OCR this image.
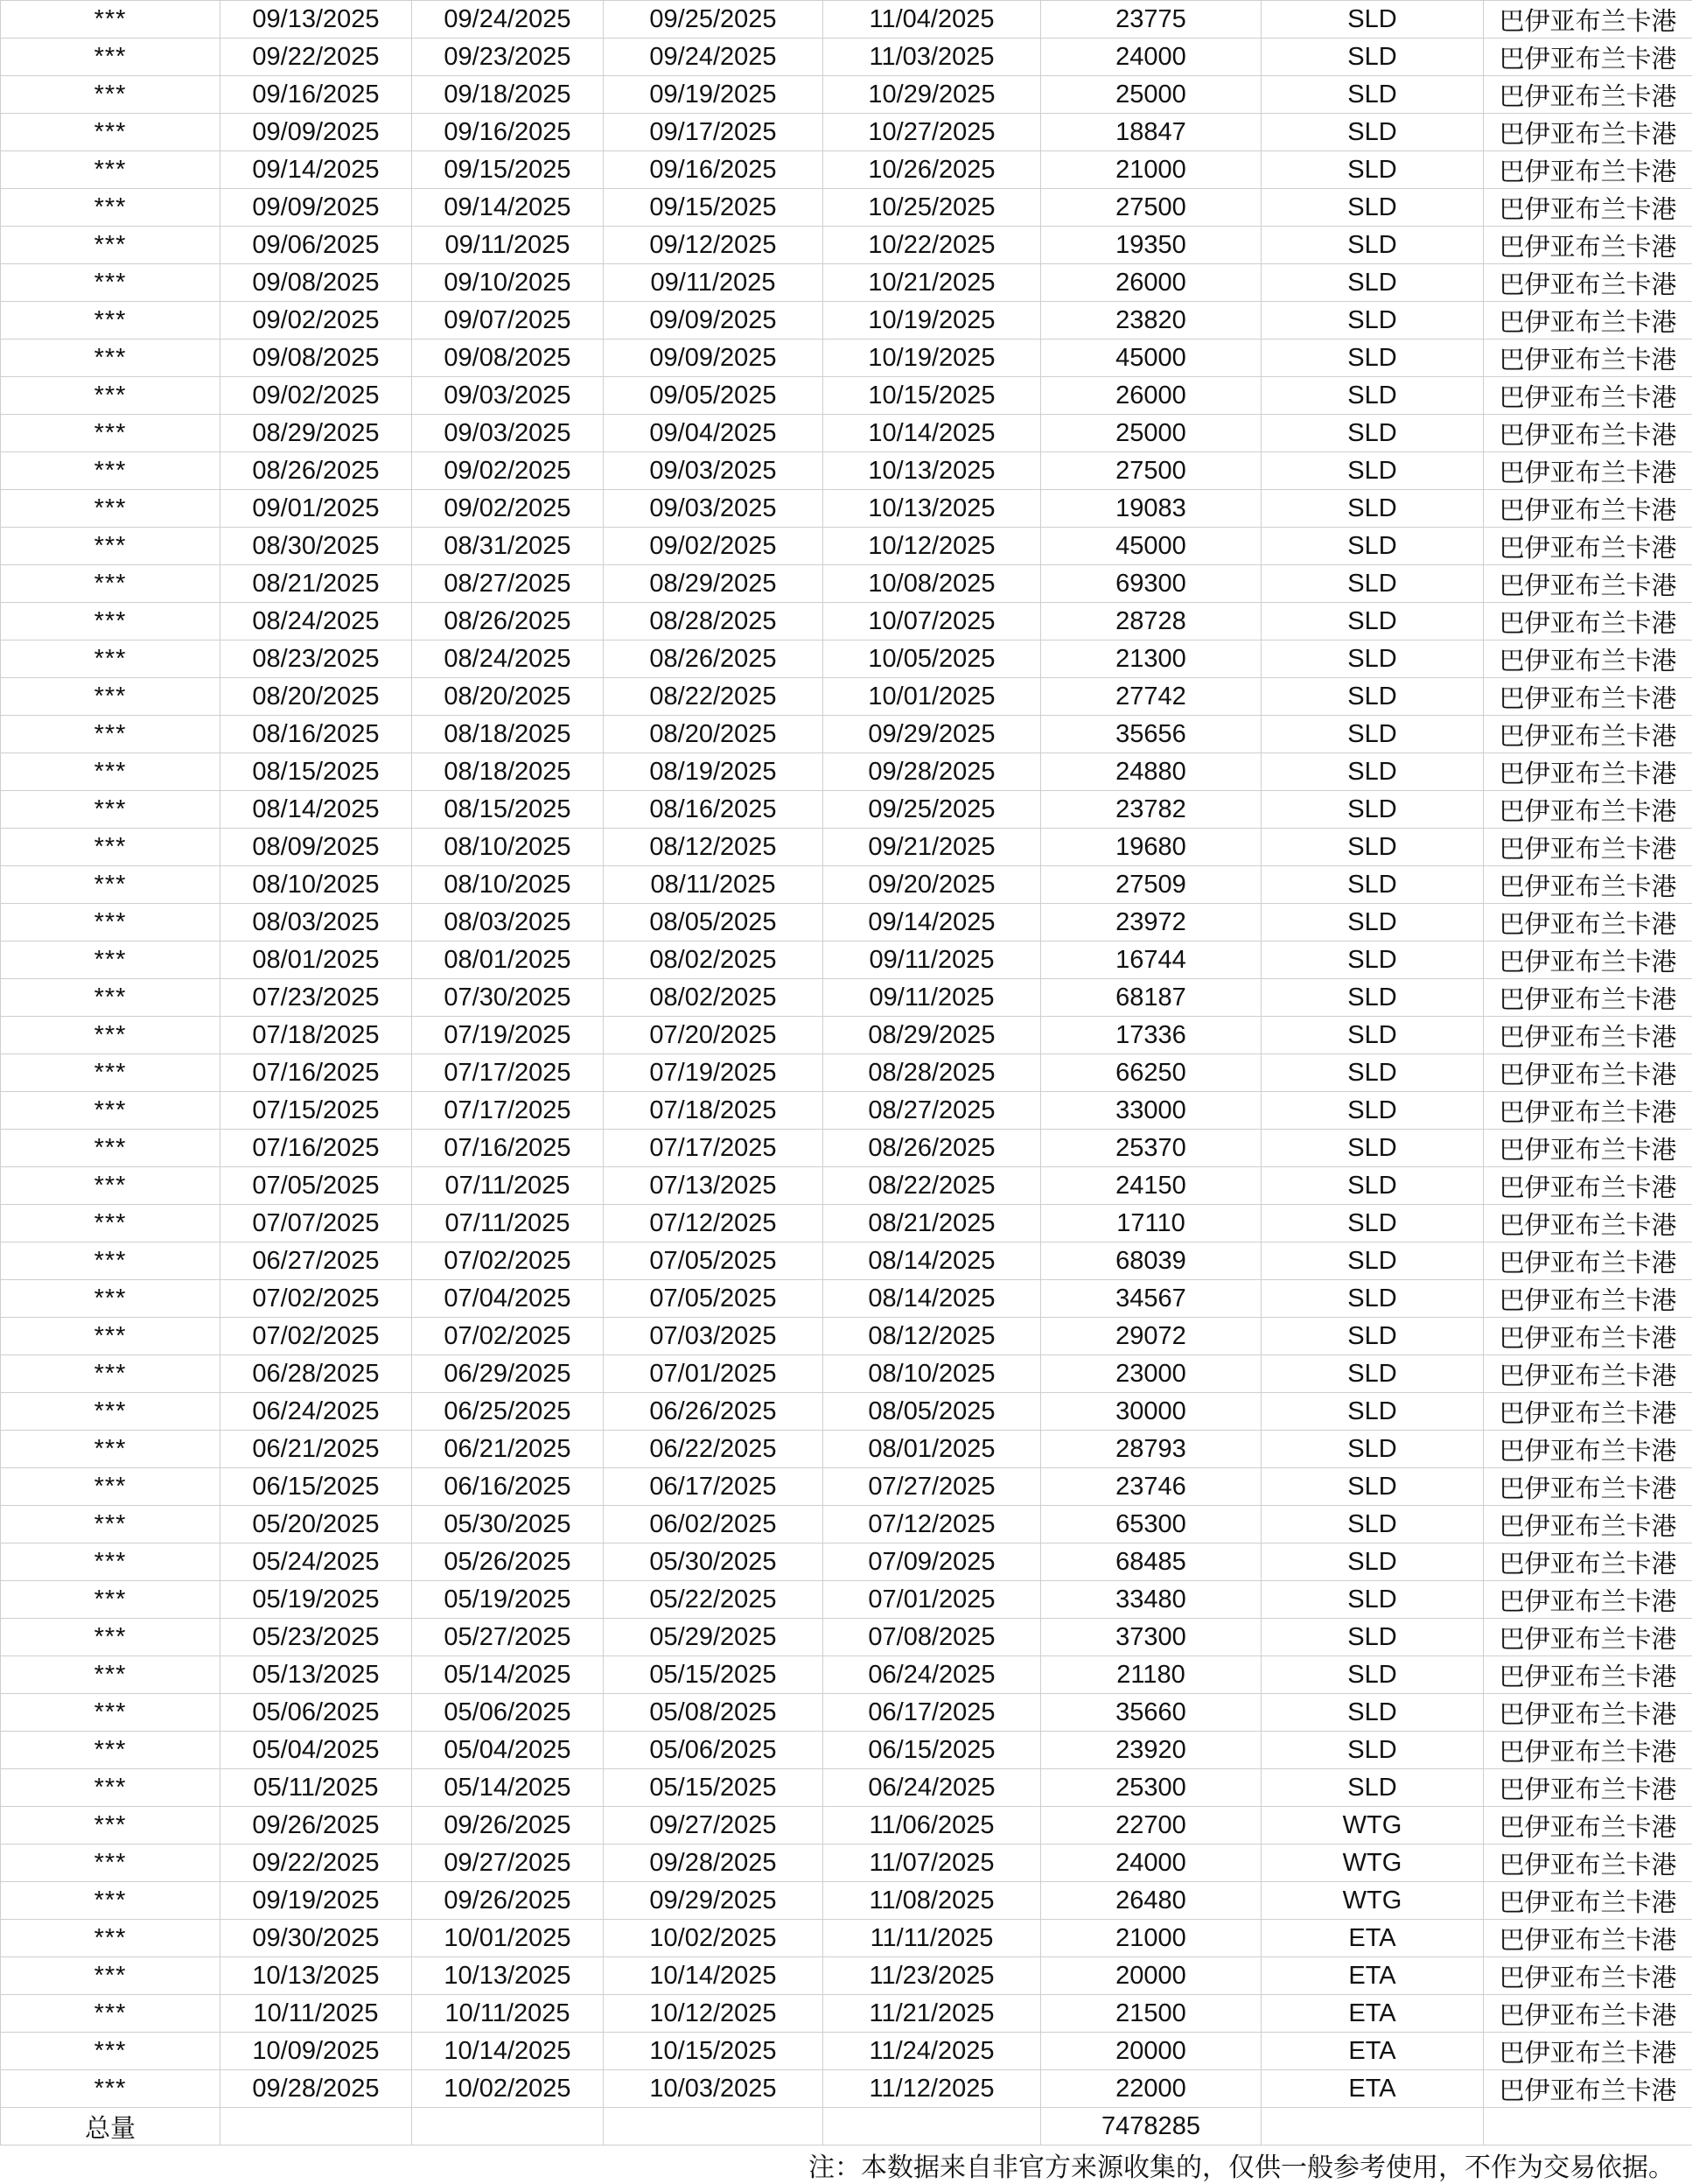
***	09/13/2025	09/24/2025	09/25/2025	11/04/2025	23775	SLD	巴伊亚布兰卡港
***	09/22/2025	09/23/2025	09/24/2025	11/03/2025	24000	SLD	巴伊亚布兰卡港
***	09/16/2025	09/18/2025	09/19/2025	10/29/2025	25000	SLD	巴伊亚布兰卡港
***	09/09/2025	09/16/2025	09/17/2025	10/27/2025	18847	SLD	巴伊亚布兰卡港
***	09/14/2025	09/15/2025	09/16/2025	10/26/2025	21000	SLD	巴伊亚布兰卡港
***	09/09/2025	09/14/2025	09/15/2025	10/25/2025	27500	SLD	巴伊亚布兰卡港
***	09/06/2025	09/11/2025	09/12/2025	10/22/2025	19350	SLD	巴伊亚布兰卡港
***	09/08/2025	09/10/2025	09/11/2025	10/21/2025	26000	SLD	巴伊亚布兰卡港
***	09/02/2025	09/07/2025	09/09/2025	10/19/2025	23820	SLD	巴伊亚布兰卡港
***	09/08/2025	09/08/2025	09/09/2025	10/19/2025	45000	SLD	巴伊亚布兰卡港
***	09/02/2025	09/03/2025	09/05/2025	10/15/2025	26000	SLD	巴伊亚布兰卡港
***	08/29/2025	09/03/2025	09/04/2025	10/14/2025	25000	SLD	巴伊亚布兰卡港
***	08/26/2025	09/02/2025	09/03/2025	10/13/2025	27500	SLD	巴伊亚布兰卡港
***	09/01/2025	09/02/2025	09/03/2025	10/13/2025	19083	SLD	巴伊亚布兰卡港
***	08/30/2025	08/31/2025	09/02/2025	10/12/2025	45000	SLD	巴伊亚布兰卡港
***	08/21/2025	08/27/2025	08/29/2025	10/08/2025	69300	SLD	巴伊亚布兰卡港
***	08/24/2025	08/26/2025	08/28/2025	10/07/2025	28728	SLD	巴伊亚布兰卡港
***	08/23/2025	08/24/2025	08/26/2025	10/05/2025	21300	SLD	巴伊亚布兰卡港
***	08/20/2025	08/20/2025	08/22/2025	10/01/2025	27742	SLD	巴伊亚布兰卡港
***	08/16/2025	08/18/2025	08/20/2025	09/29/2025	35656	SLD	巴伊亚布兰卡港
***	08/15/2025	08/18/2025	08/19/2025	09/28/2025	24880	SLD	巴伊亚布兰卡港
***	08/14/2025	08/15/2025	08/16/2025	09/25/2025	23782	SLD	巴伊亚布兰卡港
***	08/09/2025	08/10/2025	08/12/2025	09/21/2025	19680	SLD	巴伊亚布兰卡港
***	08/10/2025	08/10/2025	08/11/2025	09/20/2025	27509	SLD	巴伊亚布兰卡港
***	08/03/2025	08/03/2025	08/05/2025	09/14/2025	23972	SLD	巴伊亚布兰卡港
***	08/01/2025	08/01/2025	08/02/2025	09/11/2025	16744	SLD	巴伊亚布兰卡港
***	07/23/2025	07/30/2025	08/02/2025	09/11/2025	68187	SLD	巴伊亚布兰卡港
***	07/18/2025	07/19/2025	07/20/2025	08/29/2025	17336	SLD	巴伊亚布兰卡港
***	07/16/2025	07/17/2025	07/19/2025	08/28/2025	66250	SLD	巴伊亚布兰卡港
***	07/15/2025	07/17/2025	07/18/2025	08/27/2025	33000	SLD	巴伊亚布兰卡港
***	07/16/2025	07/16/2025	07/17/2025	08/26/2025	25370	SLD	巴伊亚布兰卡港
***	07/05/2025	07/11/2025	07/13/2025	08/22/2025	24150	SLD	巴伊亚布兰卡港
***	07/07/2025	07/11/2025	07/12/2025	08/21/2025	17110	SLD	巴伊亚布兰卡港
***	06/27/2025	07/02/2025	07/05/2025	08/14/2025	68039	SLD	巴伊亚布兰卡港
***	07/02/2025	07/04/2025	07/05/2025	08/14/2025	34567	SLD	巴伊亚布兰卡港
***	07/02/2025	07/02/2025	07/03/2025	08/12/2025	29072	SLD	巴伊亚布兰卡港
***	06/28/2025	06/29/2025	07/01/2025	08/10/2025	23000	SLD	巴伊亚布兰卡港
***	06/24/2025	06/25/2025	06/26/2025	08/05/2025	30000	SLD	巴伊亚布兰卡港
***	06/21/2025	06/21/2025	06/22/2025	08/01/2025	28793	SLD	巴伊亚布兰卡港
***	06/15/2025	06/16/2025	06/17/2025	07/27/2025	23746	SLD	巴伊亚布兰卡港
***	05/20/2025	05/30/2025	06/02/2025	07/12/2025	65300	SLD	巴伊亚布兰卡港
***	05/24/2025	05/26/2025	05/30/2025	07/09/2025	68485	SLD	巴伊亚布兰卡港
***	05/19/2025	05/19/2025	05/22/2025	07/01/2025	33480	SLD	巴伊亚布兰卡港
***	05/23/2025	05/27/2025	05/29/2025	07/08/2025	37300	SLD	巴伊亚布兰卡港
***	05/13/2025	05/14/2025	05/15/2025	06/24/2025	21180	SLD	巴伊亚布兰卡港
***	05/06/2025	05/06/2025	05/08/2025	06/17/2025	35660	SLD	巴伊亚布兰卡港
***	05/04/2025	05/04/2025	05/06/2025	06/15/2025	23920	SLD	巴伊亚布兰卡港
***	05/11/2025	05/14/2025	05/15/2025	06/24/2025	25300	SLD	巴伊亚布兰卡港
***	09/26/2025	09/26/2025	09/27/2025	11/06/2025	22700	WTG	巴伊亚布兰卡港
***	09/22/2025	09/27/2025	09/28/2025	11/07/2025	24000	WTG	巴伊亚布兰卡港
***	09/19/2025	09/26/2025	09/29/2025	11/08/2025	26480	WTG	巴伊亚布兰卡港
***	09/30/2025	10/01/2025	10/02/2025	11/11/2025	21000	ETA	巴伊亚布兰卡港
***	10/13/2025	10/13/2025	10/14/2025	11/23/2025	20000	ETA	巴伊亚布兰卡港
***	10/11/2025	10/11/2025	10/12/2025	11/21/2025	21500	ETA	巴伊亚布兰卡港
***	10/09/2025	10/14/2025	10/15/2025	11/24/2025	20000	ETA	巴伊亚布兰卡港
***	09/28/2025	10/02/2025	10/03/2025	11/12/2025	22000	ETA	巴伊亚布兰卡港
总量					7478285		
注：本数据来自非官方来源收集的，仅供一般参考使用，不作为交易依据。
